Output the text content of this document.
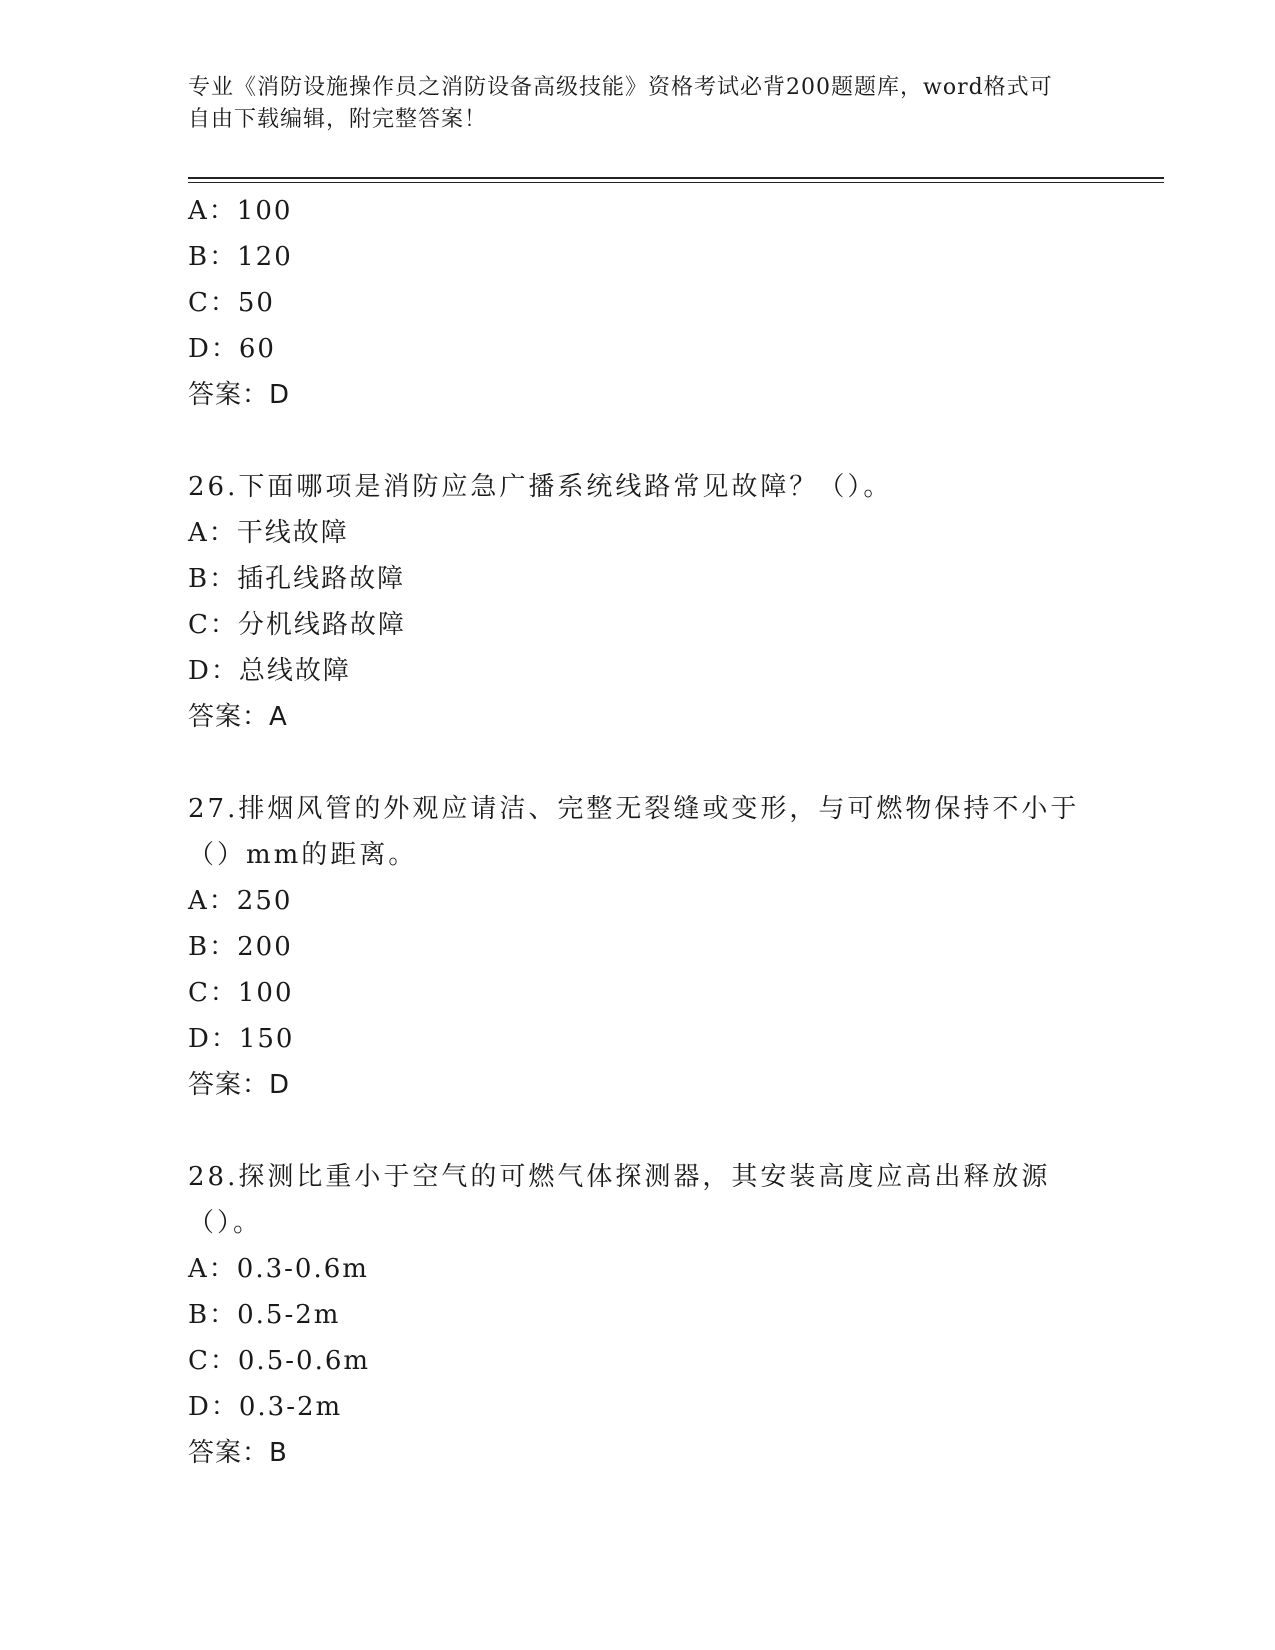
专业《消防设施操作员之消防设备高级技能》资格考试必背200题题库，word格式可自由下载编辑，附完整答案！
A：100
B：120
C：50
D：60
答案：D
26.下面哪项是消防应急广播系统线路常见故障？（）。
A：干线故障
B：插孔线路故障
C：分机线路故障
D：总线故障
答案：A
27.排烟风管的外观应请洁、完整无裂缝或变形，与可燃物保持不小于（）mm的距离。
A：250
B：200
C：100
D：150
答案：D
28.探测比重小于空气的可燃气体探测器，其安装高度应高出释放源（）。
A：0.3-0.6m
B：0.5-2m
C：0.5-0.6m
D：0.3-2m
答案：B
